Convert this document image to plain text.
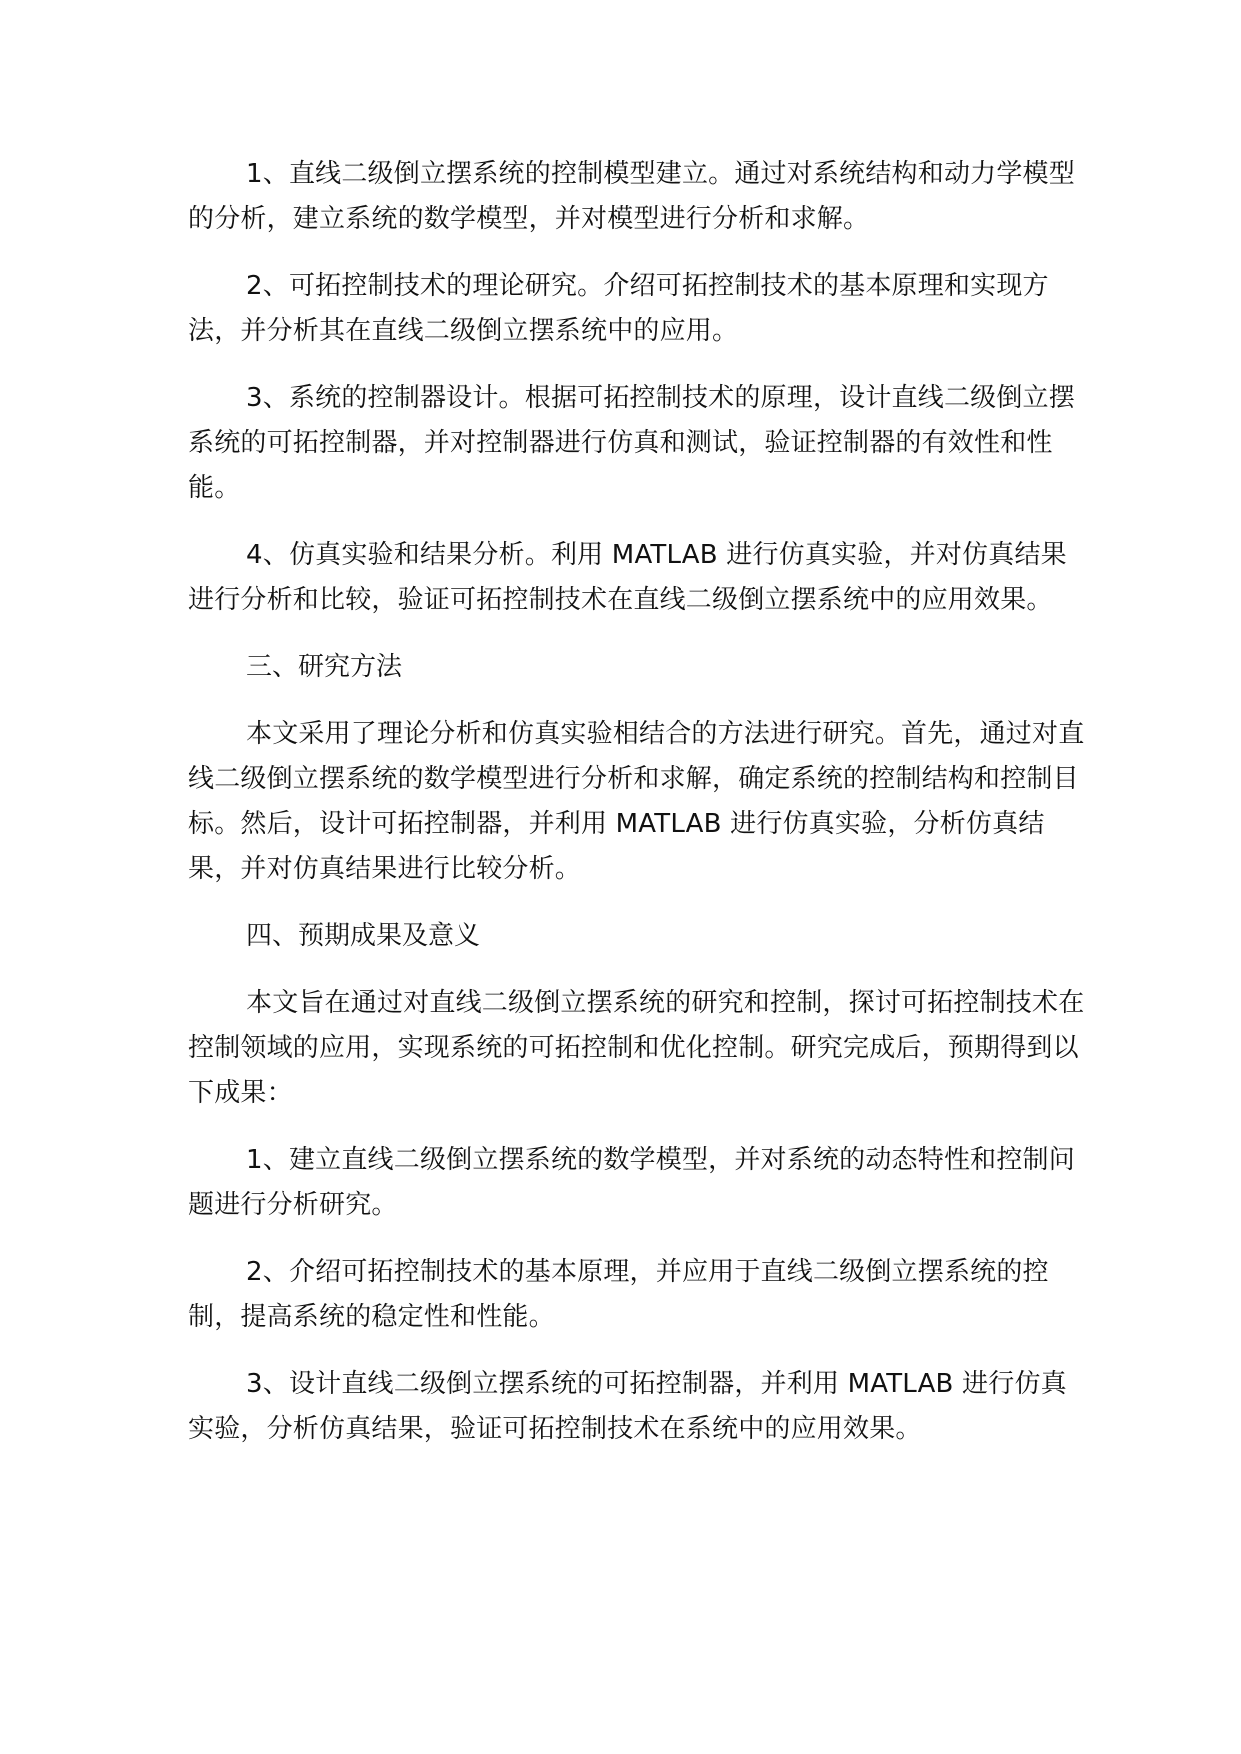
1、直线二级倒立摆系统的控制模型建立。通过对系统结构和动力学模型的分析，建立系统的数学模型，并对模型进行分析和求解。

2、可拓控制技术的理论研究。介绍可拓控制技术的基本原理和实现方法，并分析其在直线二级倒立摆系统中的应用。

3、系统的控制器设计。根据可拓控制技术的原理，设计直线二级倒立摆系统的可拓控制器，并对控制器进行仿真和测试，验证控制器的有效性和性能。

4、仿真实验和结果分析。利用 MATLAB 进行仿真实验，并对仿真结果进行分析和比较，验证可拓控制技术在直线二级倒立摆系统中的应用效果。

三、研究方法

本文采用了理论分析和仿真实验相结合的方法进行研究。首先，通过对直线二级倒立摆系统的数学模型进行分析和求解，确定系统的控制结构和控制目标。然后，设计可拓控制器，并利用 MATLAB 进行仿真实验，分析仿真结果，并对仿真结果进行比较分析。

四、预期成果及意义

本文旨在通过对直线二级倒立摆系统的研究和控制，探讨可拓控制技术在控制领域的应用，实现系统的可拓控制和优化控制。研究完成后，预期得到以下成果：

1、建立直线二级倒立摆系统的数学模型，并对系统的动态特性和控制问题进行分析研究。

2、介绍可拓控制技术的基本原理，并应用于直线二级倒立摆系统的控制，提高系统的稳定性和性能。

3、设计直线二级倒立摆系统的可拓控制器，并利用 MATLAB 进行仿真实验，分析仿真结果，验证可拓控制技术在系统中的应用效果。
